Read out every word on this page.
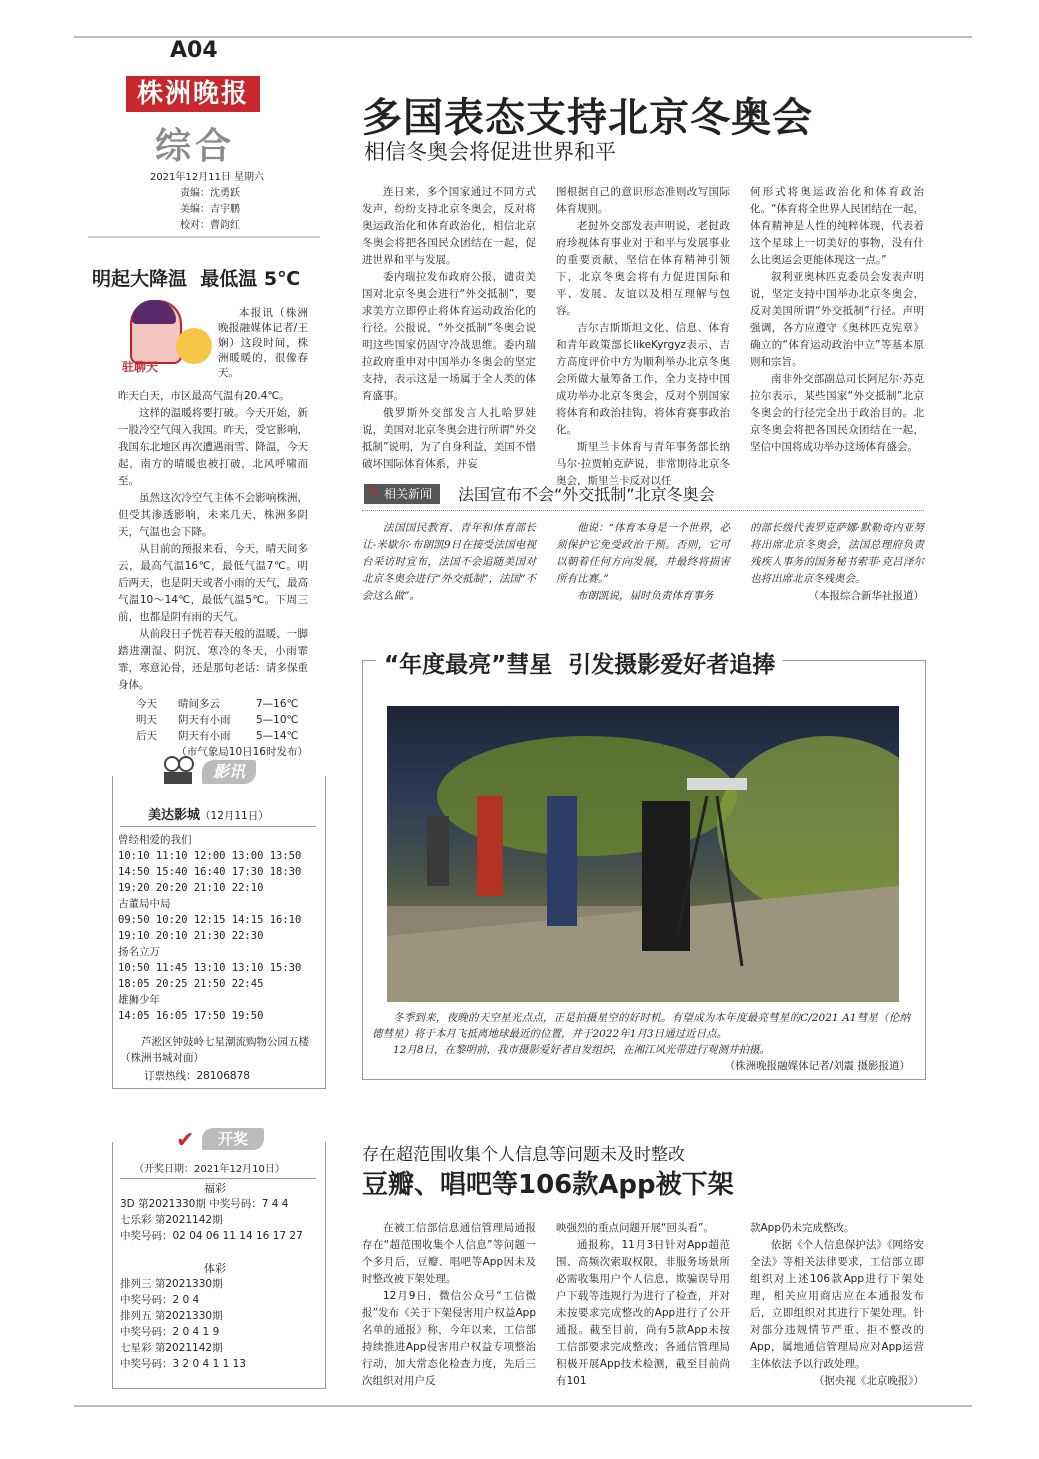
A04
株洲晚报
综合
2021年12月11日 星期六
责编：沈勇跃
美编：吉宇鹏
校对：曹韵红
多国表态支持北京冬奥会
相信冬奥会将促进世界和平

连日来，多个国家通过不同方式发声，纷纷支持北京冬奥会，反对将奥运政治化和体育政治化，相信北京冬奥会将把各国民众团结在一起，促进世界和平与发展。

委内瑞拉发布政府公报，谴责美国对北京冬奥会进行“外交抵制”，要求美方立即停止将体育运动政治化的行径。公报说，“外交抵制”冬奥会说明这些国家仍固守冷战思维。委内瑞拉政府重申对中国举办冬奥会的坚定支持，表示这是一场属于全人类的体育盛事。

俄罗斯外交部发言人扎哈罗娃说，美国对北京冬奥会进行所谓“外交抵制”说明，为了自身利益，美国不惜破坏国际体育体系，并妄

图根据自己的意识形态准则改写国际体育规则。

老挝外交部发表声明说，老挝政府珍视体育事业对于和平与发展事业的重要贡献，坚信在体育精神引领下，北京冬奥会将有力促进国际和平、发展、友谊以及相互理解与包容。

吉尔吉斯斯坦文化、信息、体育和青年政策部长likeKyrgyz表示，吉方高度评价中方为顺利举办北京冬奥会所做大量筹备工作，全力支持中国成功举办北京冬奥会，反对个别国家将体育和政治挂钩，将体育赛事政治化。

斯里兰卡体育与青年事务部长纳马尔·拉贾帕克萨说，非常期待北京冬奥会，斯里兰卡反对以任

何形式将奥运政治化和体育政治化。“体育将全世界人民团结在一起，体育精神是人性的纯粹体现，代表着这个星球上一切美好的事物，没有什么比奥运会更能体现这一点。”

叙利亚奥林匹克委员会发表声明说，坚定支持中国举办北京冬奥会，反对美国所谓“外交抵制”行径。声明强调，各方应遵守《奥林匹克宪章》确立的“体育运动政治中立”等基本原则和宗旨。

南非外交部副总司长阿尼尔·苏克拉尔表示，某些国家“外交抵制”北京冬奥会的行径完全出于政治目的。北京冬奥会将把各国民众团结在一起，坚信中国将成功举办这场体育盛会。

✎ 相关新闻	法国宣布不会“外交抵制”北京冬奥会

法国国民教育、青年和体育部长让-米歇尔·布朗凯9日在接受法国电视台采访时宣布，法国不会追随美国对北京冬奥会进行“外交抵制”，法国“不会这么做”。

他说：“体育本身是一个世界，必须保护它免受政治干预。否则，它可以朝着任何方向发展，并最终将损害所有比赛。”

布朗凯说，届时负责体育事务

的部长级代表罗克萨娜·默勒奇内亚努将出席北京冬奥会，法国总理府负责残疾人事务的国务秘书索菲·克吕泽尔也将出席北京冬残奥会。

（本报综合新华社报道）
明起大降温  最低温 5℃
驻聊天
本报讯（株洲晚报融媒体记者/王娴）这段时间，株洲暖暖的，很像春天。

昨天白天，市区最高气温有20.4℃。

这样的温暖将要打破。今天开始，新一股冷空气闯入我国。昨天，受它影响，我国东北地区再次遭遇雨雪、降温，今天起，南方的晴暖也被打破，北风呼啸而至。

虽然这次冷空气主体不会影响株洲，但受其渗透影响，未来几天，株洲多阴天，气温也会下降。

从目前的预报来看，今天，晴天间多云，最高气温16℃，最低气温7℃。明后两天，也是阴天或者小雨的天气，最高气温10～14℃，最低气温5℃。下周三前，也都是阴有雨的天气。

从前段日子恍若春天般的温暖，一脚踏进潮湿、阴沉、寒冷的冬天，小雨霏霏，寒意沁骨，还是那句老话：请多保重身体。

今天	晴间多云	7—16℃
明天	阴天有小雨	5—10℃
后天	阴天有小雨	5—14℃
（市气象局10日16时发布）
影讯
美达影城（12月11日）
曾经相爱的我们
10:10 11:10 12:00 13:00 13:50
14:50 15:40 16:40 17:30 18:30
19:20 20:20 21:10 22:10
古董局中局
09:50 10:20 12:15 14:15 16:10
19:10 20:10 21:30 22:30
扬名立万
10:50 11:45 13:10 13:10 15:30
18:05 20:25 21:50 22:45
雄狮少年
14:05 16:05 17:50 19:50
芦淞区钟鼓岭七星潮流购物公园五楼（株洲书城对面）
订票热线：28106878
“年度最亮”彗星  引发摄影爱好者追捧

冬季到来，夜晚的天空星光点点，正是拍摄星空的好时机。有望成为本年度最亮彗星的C/2021 A1彗星（伦纳德彗星）将于本月飞抵离地球最近的位置，并于2022年1月3日通过近日点。

12月8日，在黎明前，我市摄影爱好者自发组织，在湘江风光带进行观测并拍摄。

（株洲晚报融媒体记者/刘震 摄影报道）
✔	开奖
（开奖日期：2021年12月10日）
福彩
3D 第2021330期 中奖号码：7 4 4
七乐彩 第2021142期
中奖号码：02 04 06 11 14 16 17 27
体彩
排列三 第2021330期
中奖号码：2 0 4
排列五 第2021330期
中奖号码：2 0 4 1 9
七星彩 第2021142期
中奖号码：3 2 0 4 1 1 13
存在超范围收集个人信息等问题未及时整改
豆瓣、唱吧等106款App被下架

在被工信部信息通信管理局通报存在“超范围收集个人信息”等问题一个多月后，豆瓣、唱吧等App因未及时整改被下架处理。

12月9日，微信公众号“工信微报”发布《关于下架侵害用户权益App名单的通报》称，今年以来，工信部持续推进App侵害用户权益专项整治行动，加大常态化检查力度，先后三次组织对用户反

映强烈的重点问题开展“回头看”。

通报称，11月3日针对App超范围、高频次索取权限，非服务场景所必需收集用户个人信息，欺骗误导用户下载等违规行为进行了检查，并对未按要求完成整改的App进行了公开通报。截至目前，尚有5款App未按工信部要求完成整改；各通信管理局积极开展App技术检测，截至目前尚有101

款App仍未完成整改。

依据《个人信息保护法》《网络安全法》等相关法律要求，工信部立即组织对上述106款App进行下架处理，相关应用商店应在本通报发布后，立即组织对其进行下架处理。针对部分违规情节严重、拒不整改的App，属地通信管理局应对App运营主体依法予以行政处理。

（据央视《北京晚报》）
